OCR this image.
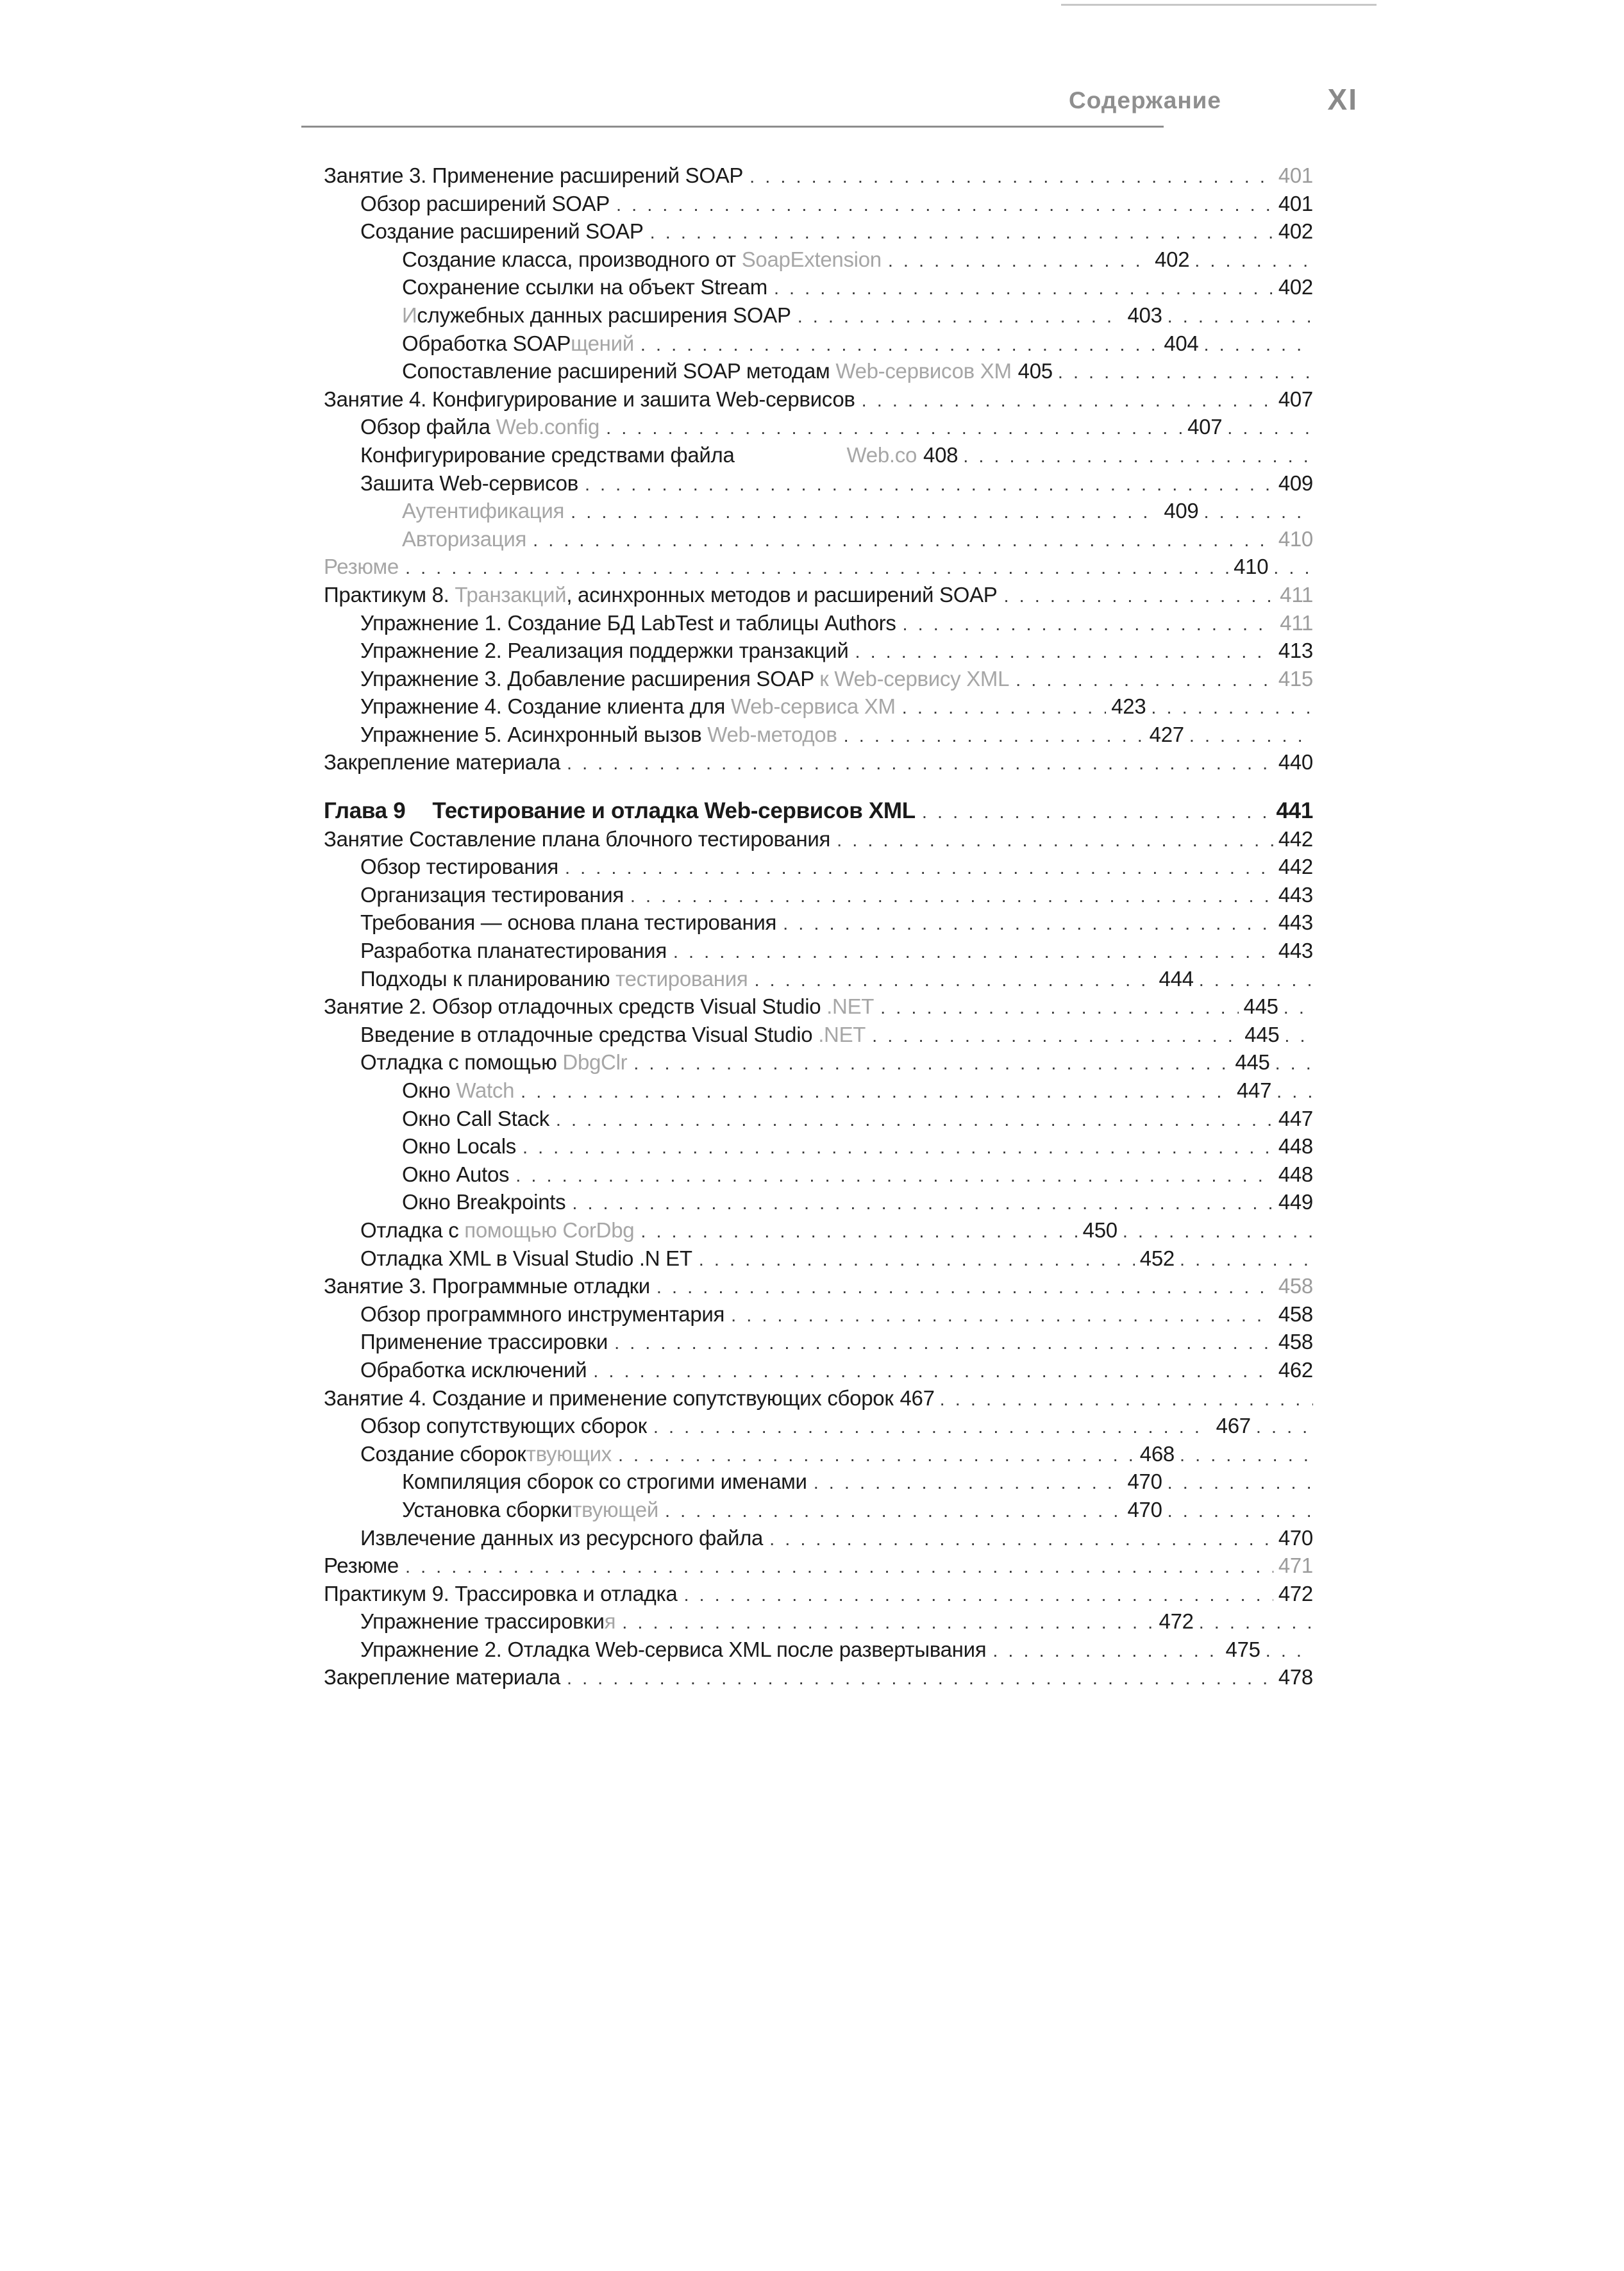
Содержание	XI
Занятие 3. Применение расширений SOAP . . .	401
Обзор расширений SOAP . . .	401
Создание расширений SOAP . . .	402
Создание класса, производного от SoapExtension . . .	402
. . .
Сохранение ссылки на объект Stream . . .	402
Ислужебных данных расширения SOAP . . .	403
. . .
Обработка SOAPщений . . .	404
. . .
Сопоставление расширений SOAP методам Web-сервисов XM 405
. . .
Занятие 4. Конфигурирование и зашита Web-сервисов . . .	407
Обзор файла Web.config . . .	407
. . .
Конфигурирование средствами файла	Web.co 408
. . .
Зашита Web-сервисов . . .	409
Аутентификация . . .	409
. . .
Авторизация . . .	410
Резюме . . .	410
. . .
Практикум 8. Транзакций, асинхронных методов и расширений SOAP . . .	411
Упражнение 1. Создание БД LabTest и таблицы Authors . . .	411
Упражнение 2. Реализация поддержки транзакций . . .	413
Упражнение 3. Добавление расширения SOAP к Web-сервису XML . . .	415
Упражнение 4. Создание клиента для Web-сервиса XM . . .	423
. . .
Упражнение 5. Асинхронный вызов Web-методов . . .	427
. . .
Закрепление материала . . .	440
Глава 9 Тестирование и отладка Web-сервисов XML . . .	441
Занятие Составление плана блочного тестирования . . .	442
Обзор тестирования . . .	442
Организация тестирования . . .	443
Требования — основа плана тестирования . . .	443
Разработка планатестирования . . .	443
Подходы к планированию тестирования . . .	444
. . .
Занятие 2. Обзор отладочных средств Visual Studio .NET . . .	445
. . .
Введение в отладочные средства Visual Studio .NET . . .	445
. . .
Отладка с помощью DbgClr . . .	445
. . .
Окно Watch . . .	447
. . .
Окно Call Stack . . .	447
Окно Locals . . .	448
Окно Autos . . .	448
Окно Breakpoints . . .	449
Отладка с помощью CorDbg . . .	450
. . .
Отладка XML в Visual Studio .N ET . . .	452
. . .
Занятие 3. Программные отладки . . .	458
Обзор программного инструментария . . .	458
Применение трассировки . . .	458
Обработка исключений . . .	462
Занятие 4. Создание и применение сопутствующих сборок 467
. . .
Обзор сопутствующих сборок . . .	467
. . .
Создание сбороктвующих . . .	468
. . .
Компиляция сборок со строгими именами . . .	470
. . .
Установка сборкитвующей . . .	470
. . .
Извлечение данных из ресурсного файла . . .	470
Резюме . . .	471
Практикум 9. Трассировка и отладка . . .	472
Упражнение трассировкия . . .	472
. . .
Упражнение 2. Отладка Web-сервиса XML после развертывания . . .	475
. . .
Закрепление материала . . .	478
